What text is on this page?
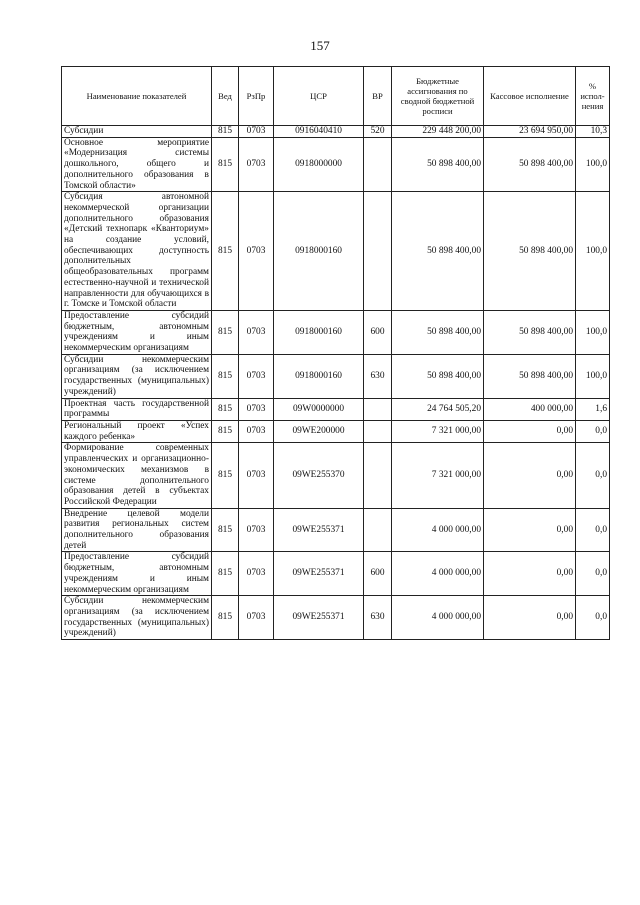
157
Наименование показателей	Вед	РзПр	ЦСР	ВР	Бюджетные ассигнования по сводной бюджетной росписи	Кассовое исполнение	% испол-нения
Субсидии	815	0703	0916040410	520	229 448 200,00	23 694 950,00	10,3
Основное мероприятие «Модернизация системы дошкольного, общего и дополнительного образования в Томской области»	815	0703	0918000000		50 898 400,00	50 898 400,00	100,0
Субсидия автономной некоммерческой организации дополнительного образования «Детский технопарк «Кванториум» на создание условий, обеспечивающих доступность дополнительных общеобразовательных программ естественно-научной и технической направленности для обучающихся в г. Томске и Томской области	815	0703	0918000160		50 898 400,00	50 898 400,00	100,0
Предоставление субсидий бюджетным, автономным учреждениям и иным некоммерческим организациям	815	0703	0918000160	600	50 898 400,00	50 898 400,00	100,0
Субсидии некоммерческим организациям (за исключением государственных (муниципальных) учреждений)	815	0703	0918000160	630	50 898 400,00	50 898 400,00	100,0
Проектная часть государственной программы	815	0703	09W0000000		24 764 505,20	400 000,00	1,6
Региональный проект «Успех каждого ребенка»	815	0703	09WE200000		7 321 000,00	0,00	0,0
Формирование современных управленческих и организационно-экономических механизмов в системе дополнительного образования детей в субъектах Российской Федерации	815	0703	09WE255370		7 321 000,00	0,00	0,0
Внедрение целевой модели развития региональных систем дополнительного образования детей	815	0703	09WE255371		4 000 000,00	0,00	0,0
Предоставление субсидий бюджетным, автономным учреждениям и иным некоммерческим организациям	815	0703	09WE255371	600	4 000 000,00	0,00	0,0
Субсидии некоммерческим организациям (за исключением государственных (муниципальных) учреждений)	815	0703	09WE255371	630	4 000 000,00	0,00	0,0
